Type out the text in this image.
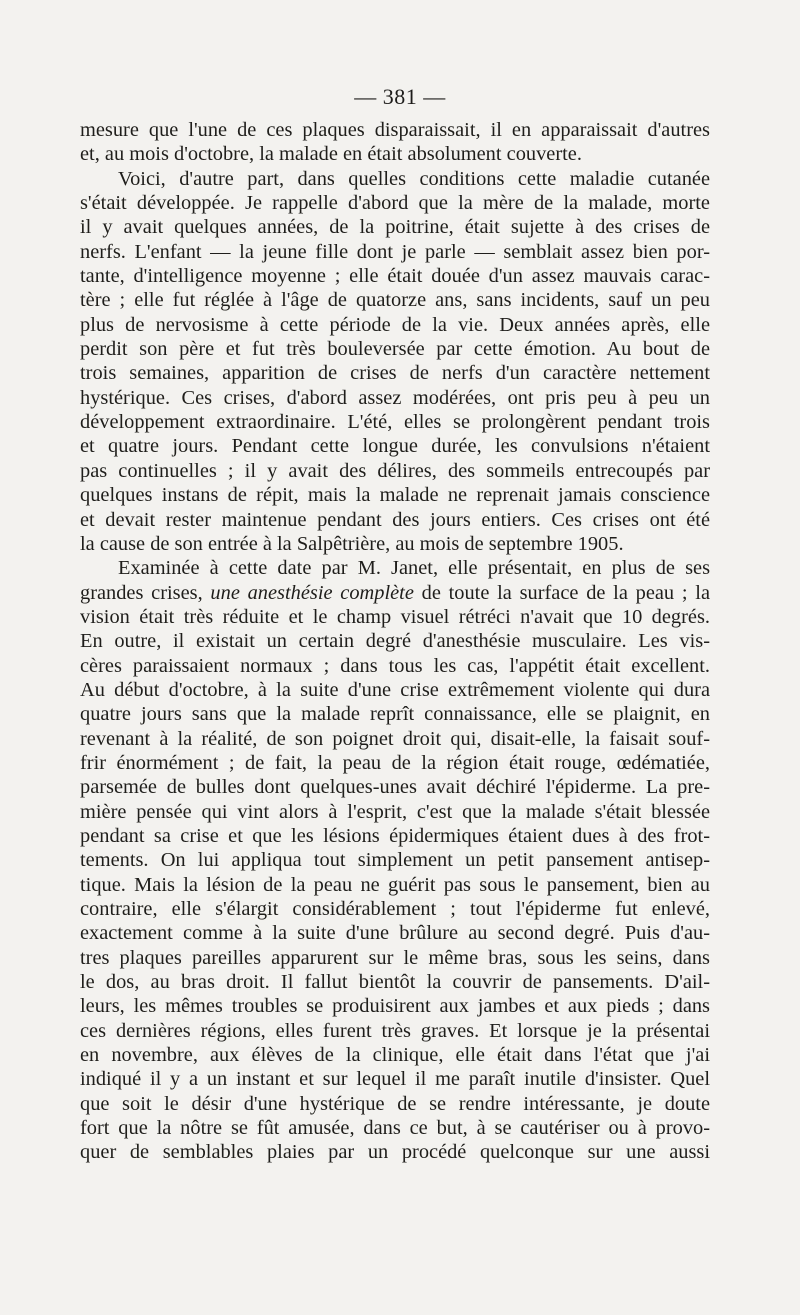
— 381 —
mesure que l'une de ces plaques disparaissait, il en apparaissait d'autres
et, au mois d'octobre, la malade en était absolument couverte.
Voici, d'autre part, dans quelles conditions cette maladie cutanée
s'était développée. Je rappelle d'abord que la mère de la malade, morte
il y avait quelques années, de la poitrine, était sujette à des crises de
nerfs. L'enfant — la jeune fille dont je parle — semblait assez bien por-
tante, d'intelligence moyenne ; elle était douée d'un assez mauvais carac-
tère ; elle fut réglée à l'âge de quatorze ans, sans incidents, sauf un peu
plus de nervosisme à cette période de la vie. Deux années après, elle
perdit son père et fut très bouleversée par cette émotion. Au bout de
trois semaines, apparition de crises de nerfs d'un caractère nettement
hystérique. Ces crises, d'abord assez modérées, ont pris peu à peu un
développement extraordinaire. L'été, elles se prolongèrent pendant trois
et quatre jours. Pendant cette longue durée, les convulsions n'étaient
pas continuelles ; il y avait des délires, des sommeils entrecoupés par
quelques instans de répit, mais la malade ne reprenait jamais conscience
et devait rester maintenue pendant des jours entiers. Ces crises ont été
la cause de son entrée à la Salpêtrière, au mois de septembre 1905.
Examinée à cette date par M. Janet, elle présentait, en plus de ses
grandes crises, une anesthésie complète de toute la surface de la peau ; la
vision était très réduite et le champ visuel rétréci n'avait que 10 degrés.
En outre, il existait un certain degré d'anesthésie musculaire. Les vis-
cères paraissaient normaux ; dans tous les cas, l'appétit était excellent.
Au début d'octobre, à la suite d'une crise extrêmement violente qui dura
quatre jours sans que la malade reprît connaissance, elle se plaignit, en
revenant à la réalité, de son poignet droit qui, disait-elle, la faisait souf-
frir énormément ; de fait, la peau de la région était rouge, œdématiée,
parsemée de bulles dont quelques-unes avait déchiré l'épiderme. La pre-
mière pensée qui vint alors à l'esprit, c'est que la malade s'était blessée
pendant sa crise et que les lésions épidermiques étaient dues à des frot-
tements. On lui appliqua tout simplement un petit pansement antisep-
tique. Mais la lésion de la peau ne guérit pas sous le pansement, bien au
contraire, elle s'élargit considérablement ; tout l'épiderme fut enlevé,
exactement comme à la suite d'une brûlure au second degré. Puis d'au-
tres plaques pareilles apparurent sur le même bras, sous les seins, dans
le dos, au bras droit. Il fallut bientôt la couvrir de pansements. D'ail-
leurs, les mêmes troubles se produisirent aux jambes et aux pieds ; dans
ces dernières régions, elles furent très graves. Et lorsque je la présentai
en novembre, aux élèves de la clinique, elle était dans l'état que j'ai
indiqué il y a un instant et sur lequel il me paraît inutile d'insister. Quel
que soit le désir d'une hystérique de se rendre intéressante, je doute
fort que la nôtre se fût amusée, dans ce but, à se cautériser ou à provo-
quer de semblables plaies par un procédé quelconque sur une aussi
